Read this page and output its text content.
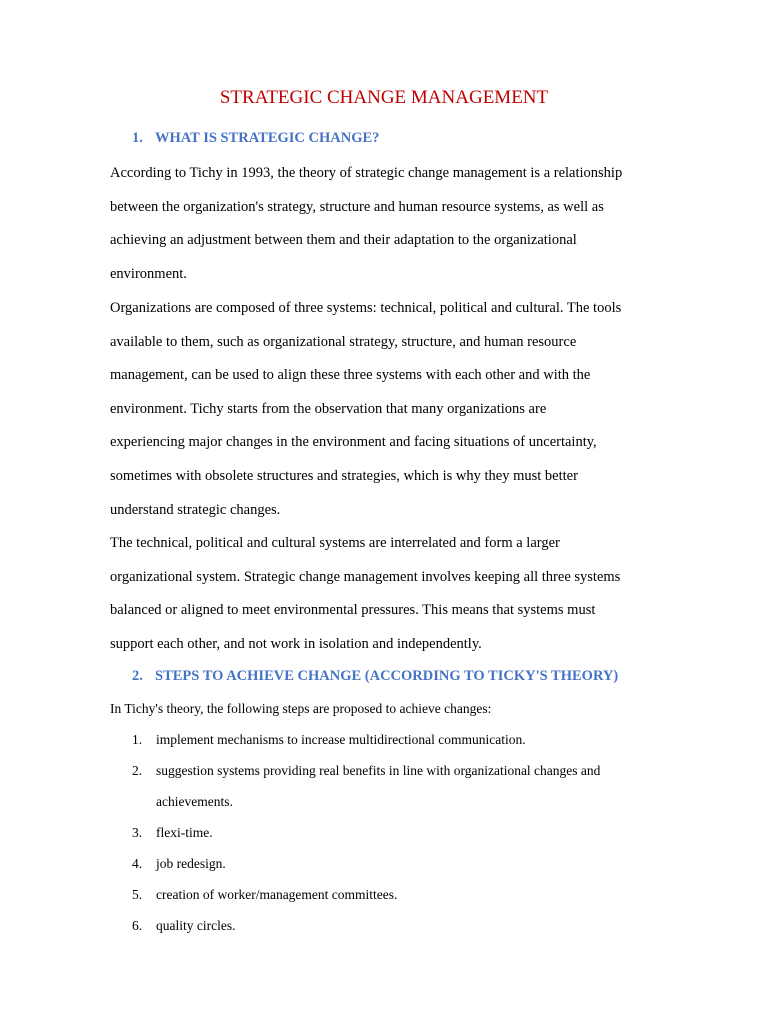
STRATEGIC CHANGE MANAGEMENT
1. WHAT IS STRATEGIC CHANGE?

According to Tichy in 1993, the theory of strategic change management is a relationship
between the organization's strategy, structure and human resource systems, as well as
achieving an adjustment between them and their adaptation to the organizational
environment.

Organizations are composed of three systems: technical, political and cultural. The tools
available to them, such as organizational strategy, structure, and human resource
management, can be used to align these three systems with each other and with the
environment. Tichy starts from the observation that many organizations are
experiencing major changes in the environment and facing situations of uncertainty,
sometimes with obsolete structures and strategies, which is why they must better
understand strategic changes.

The technical, political and cultural systems are interrelated and form a larger
organizational system. Strategic change management involves keeping all three systems
balanced or aligned to meet environmental pressures. This means that systems must
support each other, and not work in isolation and independently.

2. STEPS TO ACHIEVE CHANGE (ACCORDING TO TICKY'S THEORY)

In Tichy's theory, the following steps are proposed to achieve changes:

1. implement mechanisms to increase multidirectional communication.
2. suggestion systems providing real benefits in line with organizational changes and
achievements.
3. flexi-time.
4. job redesign.
5. creation of worker/management committees.
6. quality circles.
